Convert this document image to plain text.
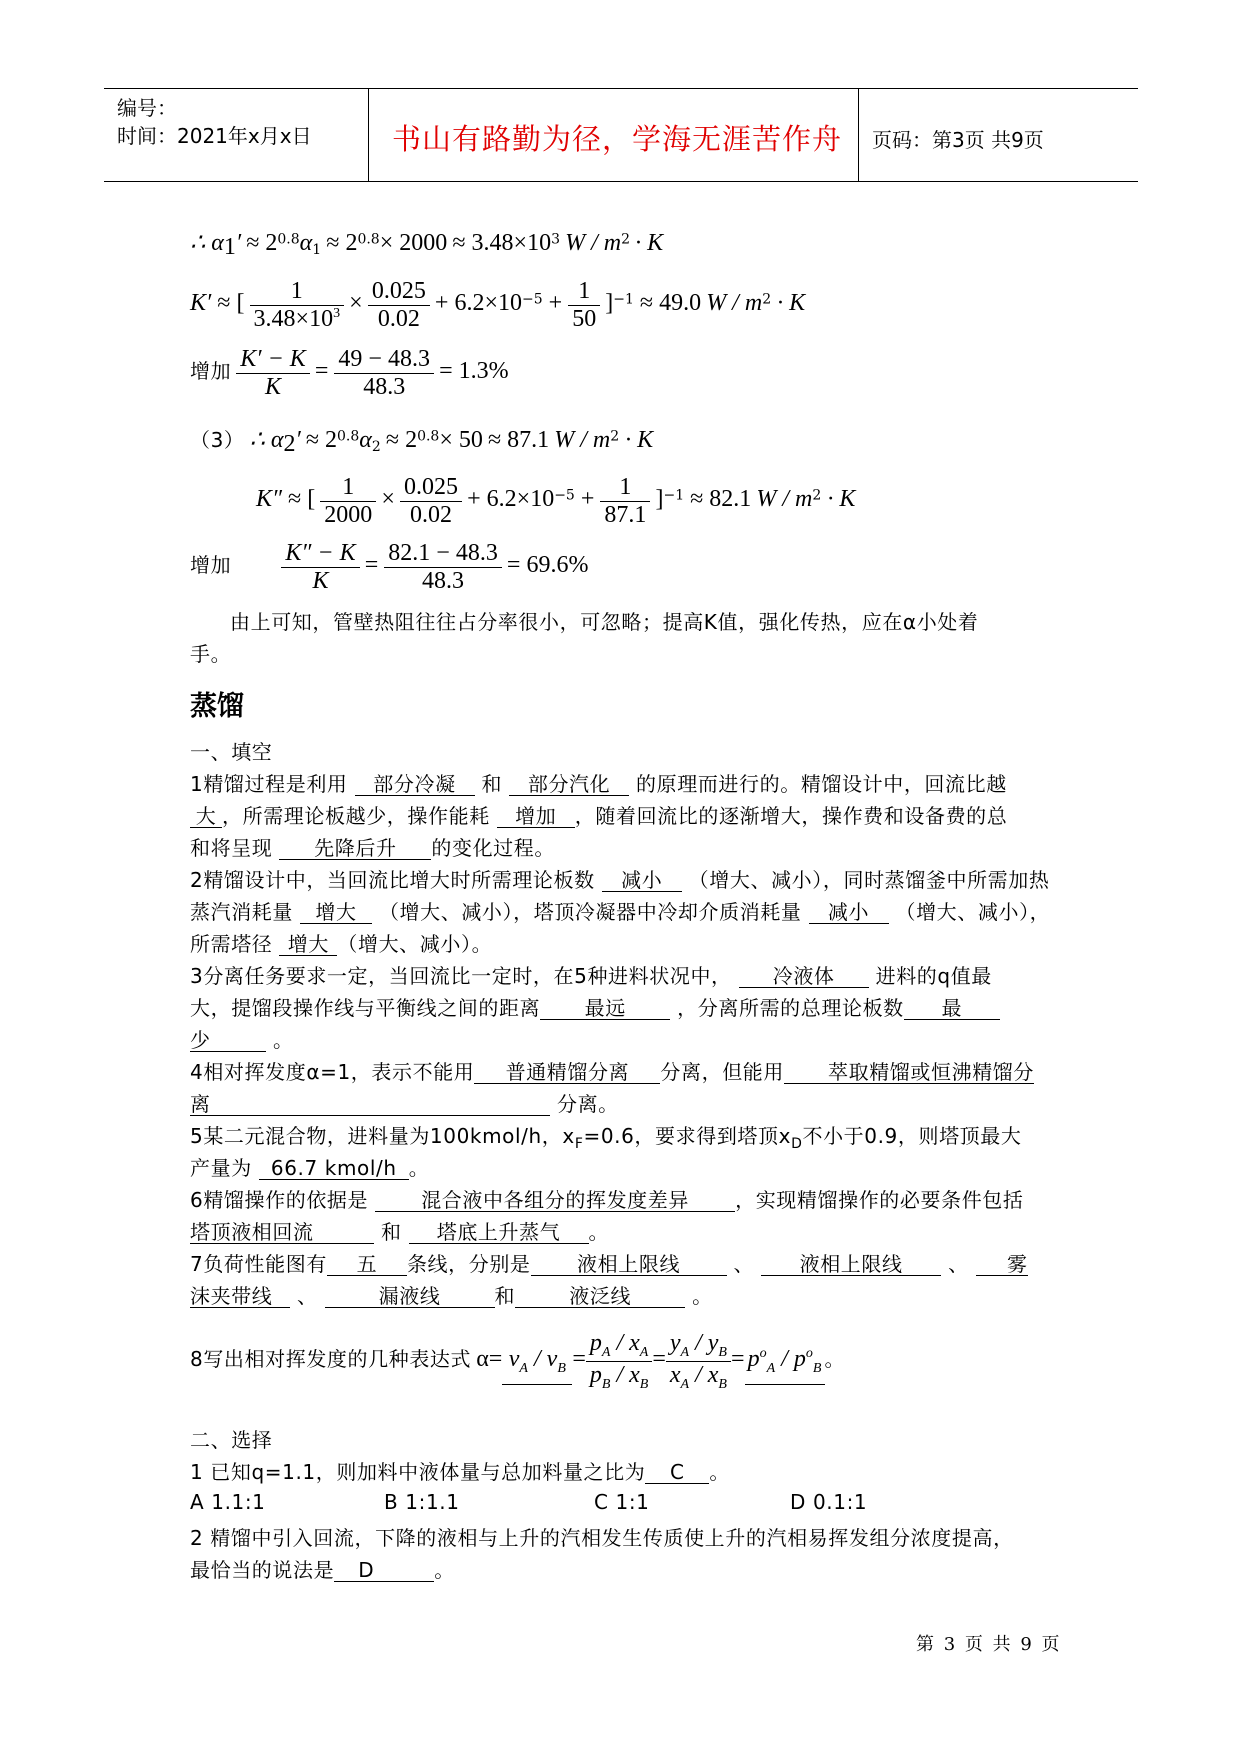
编号：
时间：2021年x月x日	书山有路勤为径，学海无涯苦作舟 页码：第3页 共9页
∴ $\alpha_1' \approx 2^{0.8}\alpha_1 \approx 2^{0.8}\times 2000 \approx 3.48\times 10^3$ $W / m^2 \cdot K$
K′ ≈ [ $\frac{1}{3.48\times 10^3} \times \frac{0.025}{0.02} + 6.2\times 10^{-5} + \frac{1}{50} ]^{-1} \approx 49.0$ $W / m^2 \cdot K$
增加 $\frac{K' - K}{K} = \frac{49 - 48.3}{48.3} = 1.3\%$
（3） ∴ $\alpha_2' \approx 2^{0.8}\alpha_2 \approx 2^{0.8}\times 50 \approx 87.1$ $W / m^2 \cdot K$
K″ ≈ [ $\frac{1}{2000} \times \frac{0.025}{0.02} + 6.2\times 10^{-5} + \frac{1}{87.1} ]^{-1} \approx 82.1$ $W / m^2 \cdot K$
增加 $\frac{K'' - K}{K} = \frac{82.1 - 48.3}{48.3} = 69.6\%$
由上可知，管壁热阻往往占分率很小，可忽略；提高K值，强化传热，应在α小处着
手。
蒸馏
一、填空
1精馏过程是利用 部分冷凝 和 部分汽化 的原理而进行的。精馏设计中，回流比越
大 ，所需理论板越少，操作能耗 增加 ，随着回流比的逐渐增大，操作费和设备费的总
和将呈现 先降后升 的变化过程。
2精馏设计中，当回流比增大时所需理论板数 减小 （增大、减小），同时蒸馏釜中所需加热
蒸汽消耗量 增大 （增大、减小），塔顶冷凝器中冷却介质消耗量 减小 （增大、减小），
所需塔径 增大 （增大、减小）。
3分离任务要求一定，当回流比一定时，在5种进料状况中， 冷液体 进料的q值最
大，提馏段操作线与平衡线之间的距离 最远	，分离所需的总理论板数 最
少	。
4相对挥发度α=1，表示不能用 普通精馏分离 分离，但能用 萃取精馏或恒沸精馏分
离	分离。
5某二元混合物，进料量为100kmol/h，$x_F=0.6$，要求得到塔顶$x_D$不小于0.9，则塔顶最大
产量为 66.7 kmol/h 。
6精馏操作的依据是	混合液中各组分的挥发度差异 ，实现精馏操作的必要条件包括
塔顶液相回流	和 塔底上升蒸气 。
7负荷性能图有 五 条线，分别是 液相上限线	、 液相上限线 、 雾
沫夹带线 、	漏液线	和	液泛线	。
8写出相对挥发度的几种表达式 $\alpha= v_A / v_B = \frac{p_A / x_A}{p_B / x_B} = \frac{y_A / y_B}{x_A / x_B} = p^o_A / p^o_B$ 。
二、选择
1 已知q=1.1，则加料中液体量与总加料量之比为 C 。
A 1.1:1	B 1:1.1	C 1:1	D 0.1:1
2 精馏中引入回流，下降的液相与上升的汽相发生传质使上升的汽相易挥发组分浓度提高，
最恰当的说法是 D	。
第 3 页 共 9 页
